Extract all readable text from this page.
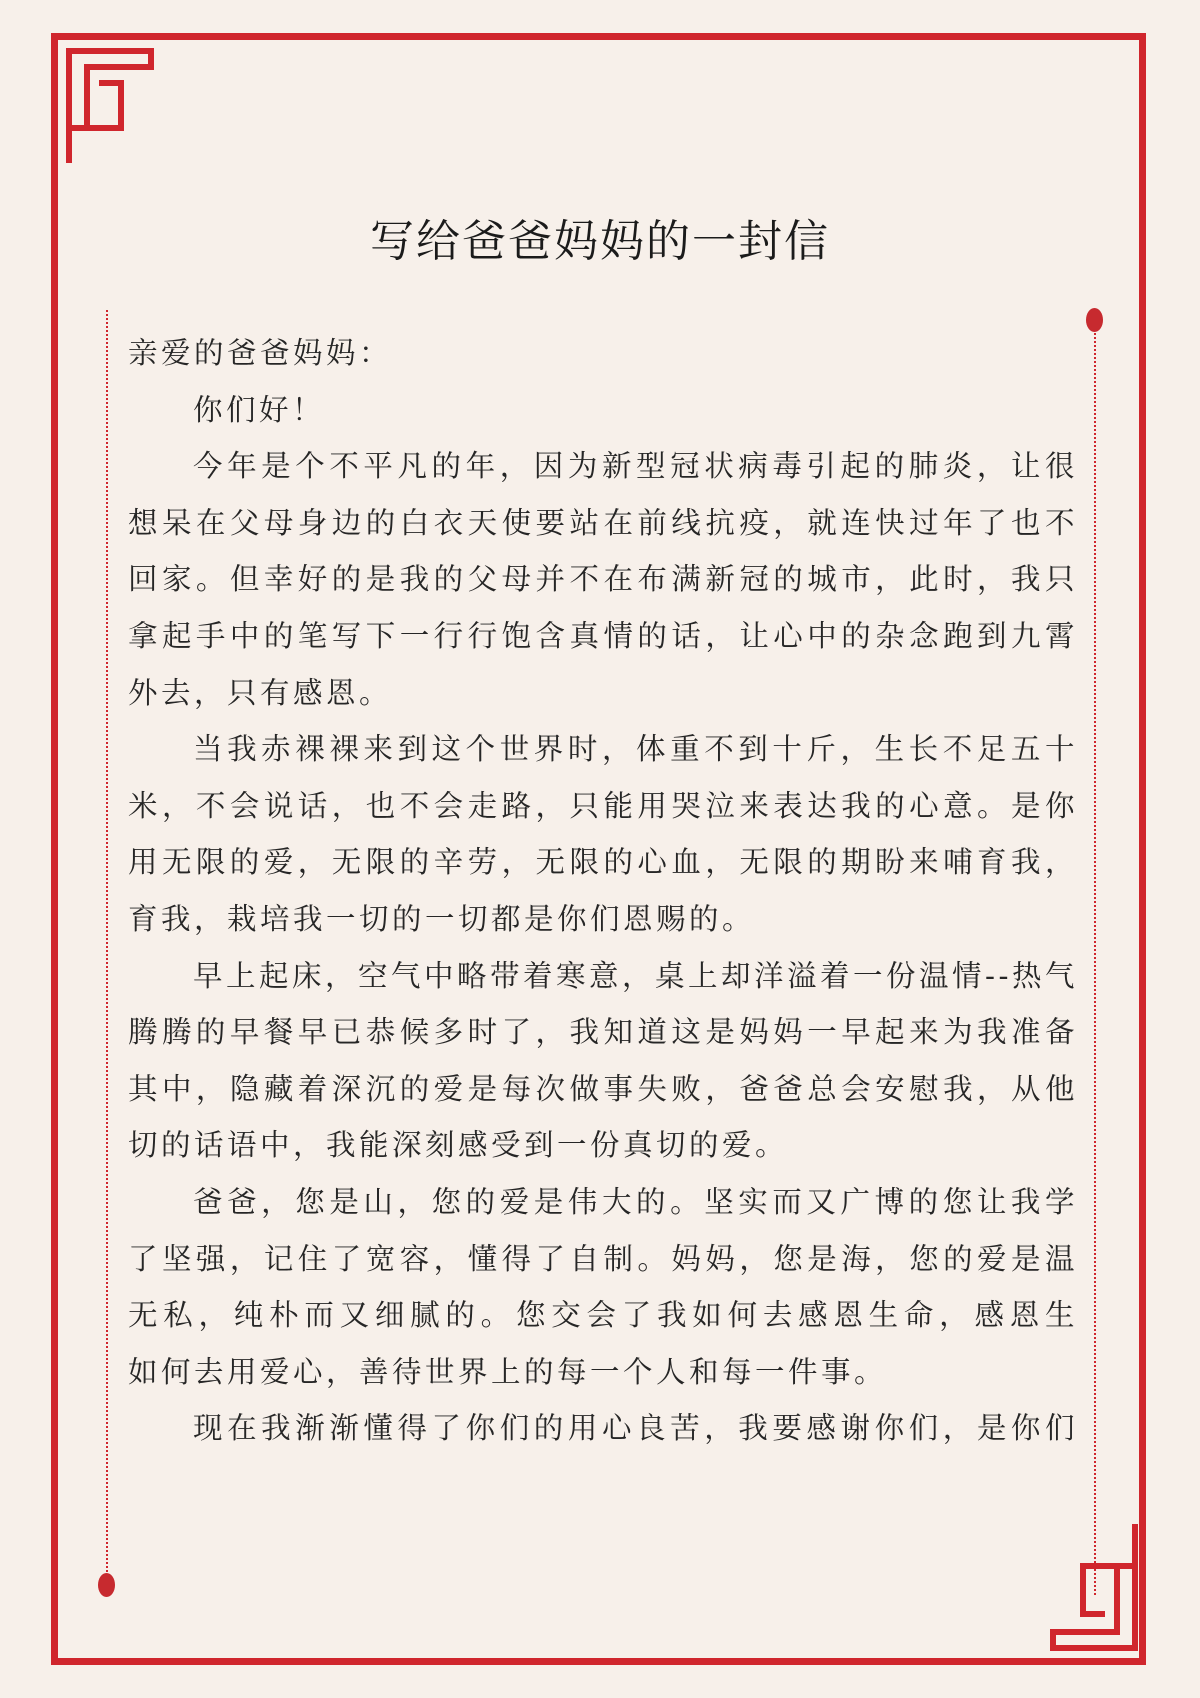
写给爸爸妈妈的一封信
亲爱的爸爸妈妈：
你们好！
今年是个不平凡的年，因为新型冠状病毒引起的肺炎，让很
想呆在父母身边的白衣天使要站在前线抗疫，就连快过年了也不
回家。但幸好的是我的父母并不在布满新冠的城市，此时，我只
拿起手中的笔写下一行行饱含真情的话，让心中的杂念跑到九霄
外去，只有感恩。
当我赤裸裸来到这个世界时，体重不到十斤，生长不足五十
米，不会说话，也不会走路，只能用哭泣来表达我的心意。是你
用无限的爱，无限的辛劳，无限的心血，无限的期盼来哺育我，
育我，栽培我一切的一切都是你们恩赐的。
早上起床，空气中略带着寒意，桌上却洋溢着一份温情--热气
腾腾的早餐早已恭候多时了，我知道这是妈妈一早起来为我准备
其中，隐藏着深沉的爱是每次做事失败，爸爸总会安慰我，从他
切的话语中，我能深刻感受到一份真切的爱。
爸爸，您是山，您的爱是伟大的。坚实而又广博的您让我学
了坚强，记住了宽容，懂得了自制。妈妈，您是海，您的爱是温
无私，纯朴而又细腻的。您交会了我如何去感恩生命，感恩生
如何去用爱心，善待世界上的每一个人和每一件事。
现在我渐渐懂得了你们的用心良苦，我要感谢你们，是你们
